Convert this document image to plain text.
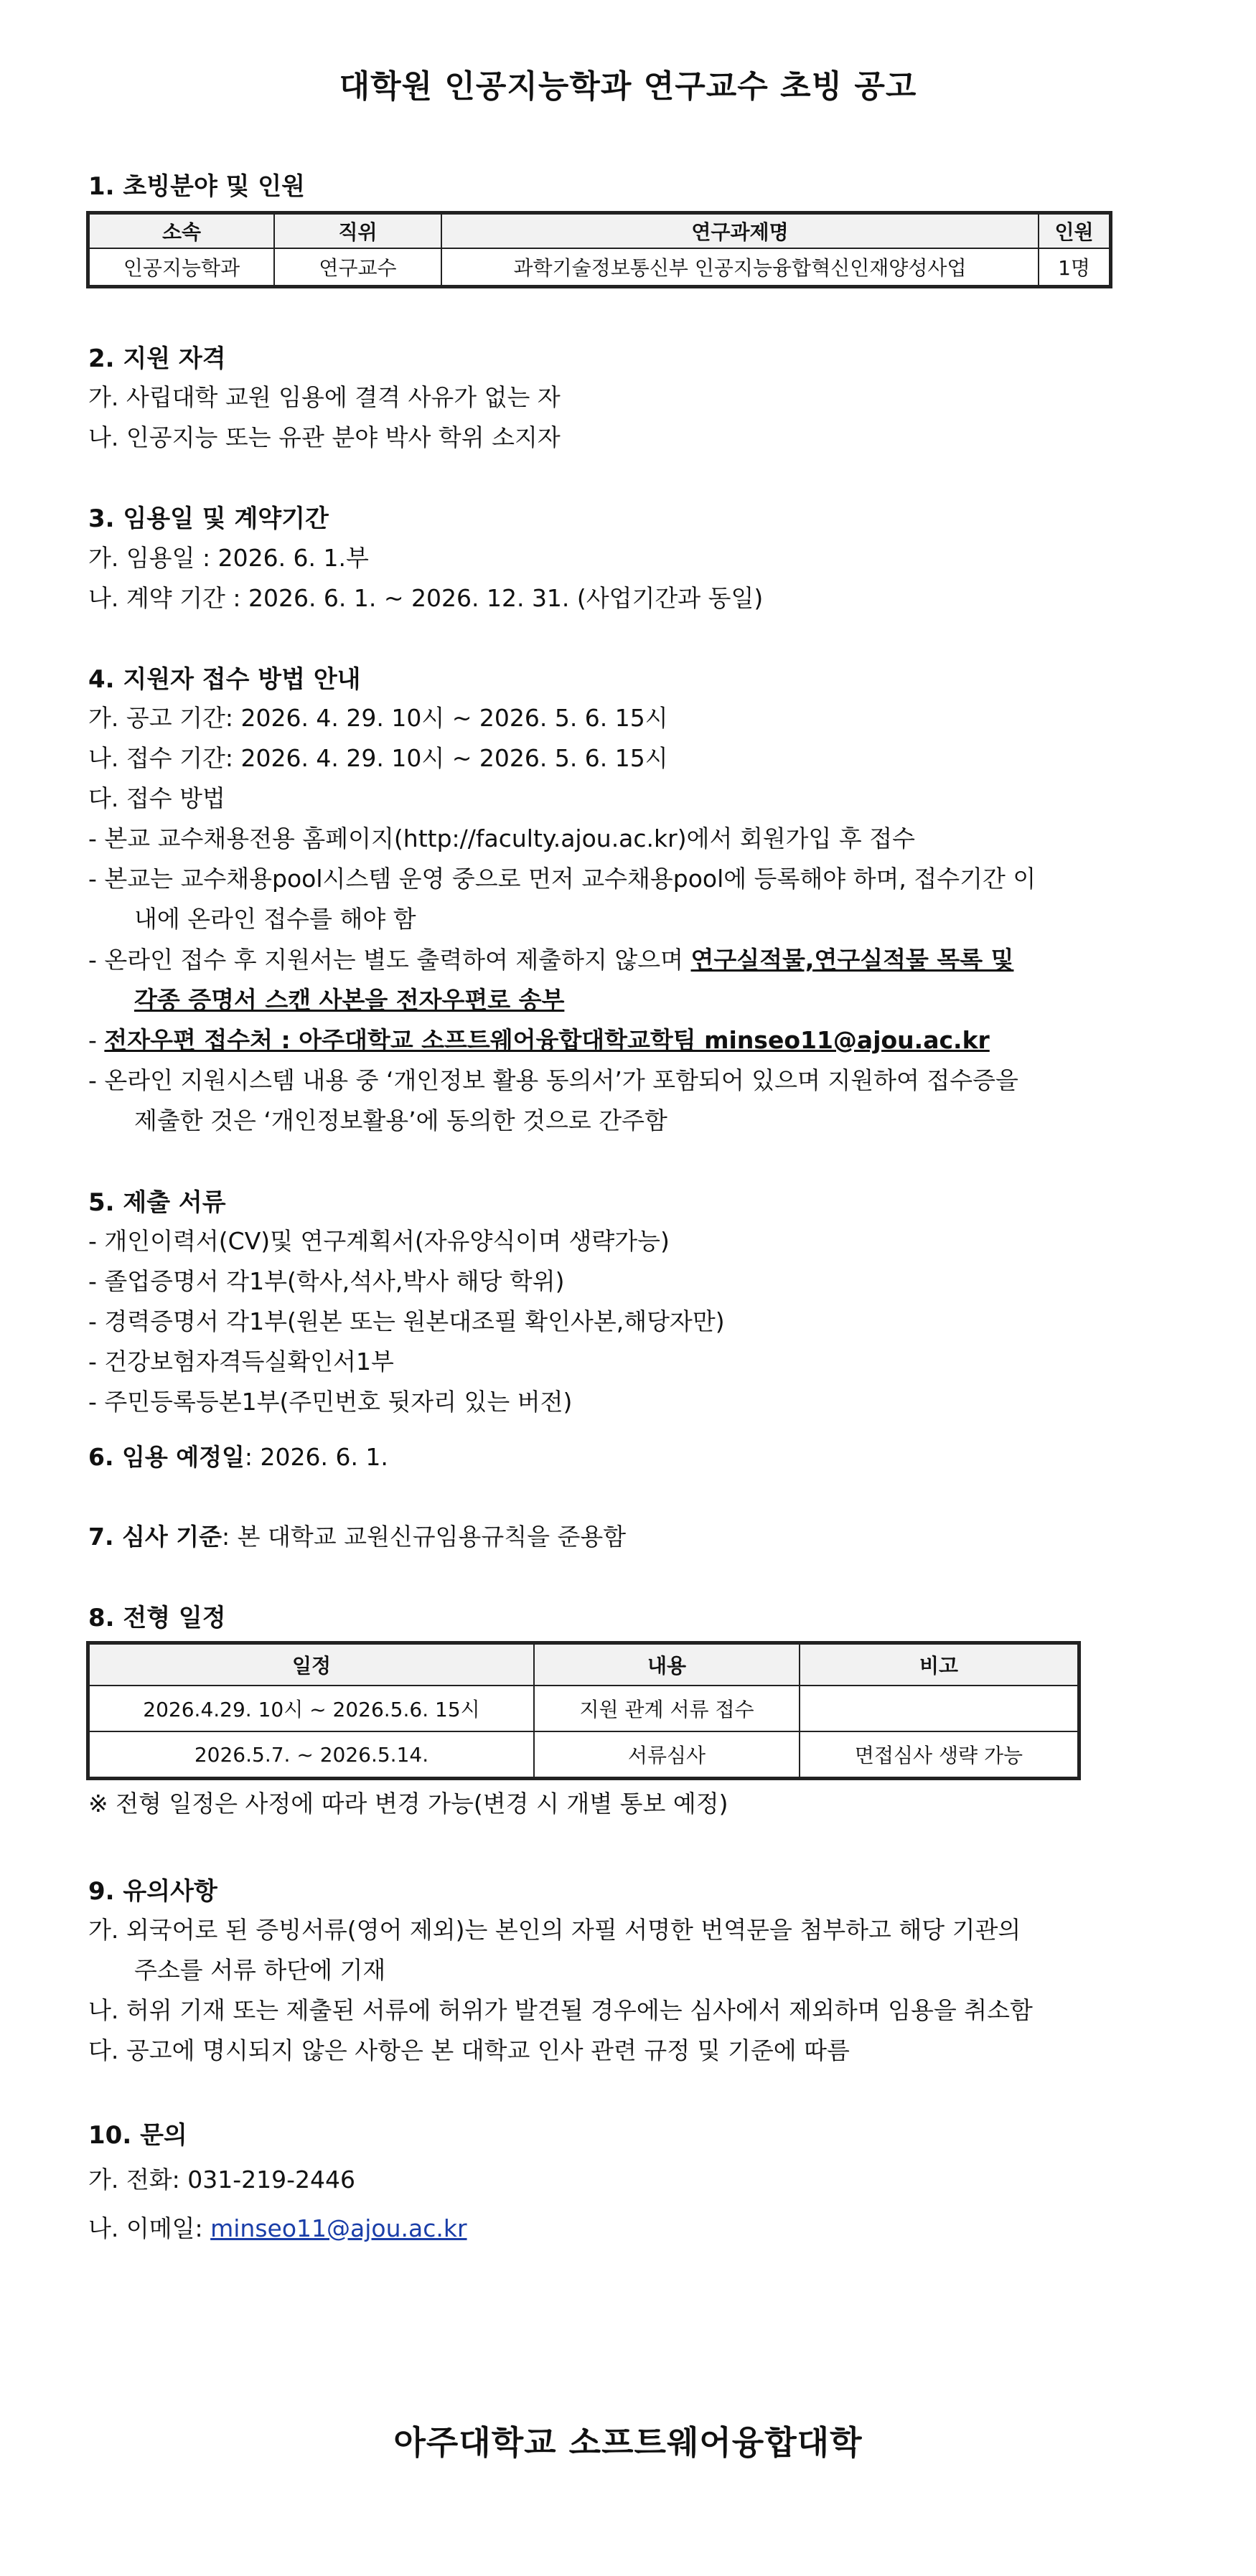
대학원 인공지능학과 연구교수 초빙 공고
1. 초빙분야 및 인원
소속	직위	연구과제명	인원
인공지능학과	연구교수	과학기술정보통신부 인공지능융합혁신인재양성사업	1명
2. 지원 자격
가. 사립대학 교원 임용에 결격 사유가 없는 자
나. 인공지능 또는 유관 분야 박사 학위 소지자
3. 임용일 및 계약기간
가. 임용일 : 2026. 6. 1.부
나. 계약 기간 : 2026. 6. 1. ~ 2026. 12. 31. (사업기간과 동일)
4. 지원자 접수 방법 안내
가. 공고 기간: 2026. 4. 29. 10시 ~ 2026. 5. 6. 15시
나. 접수 기간: 2026. 4. 29. 10시 ~ 2026. 5. 6. 15시
다. 접수 방법
- 본교 교수채용전용 홈페이지(http://faculty.ajou.ac.kr)에서 회원가입 후 접수
- 본교는 교수채용pool시스템 운영 중으로 먼저 교수채용pool에 등록해야 하며, 접수기간 이
내에 온라인 접수를 해야 함
- 온라인 접수 후 지원서는 별도 출력하여 제출하지 않으며 연구실적물,연구실적물 목록 및
각종 증명서 스캔 사본을 전자우편로 송부
- 전자우편 접수처 : 아주대학교 소프트웨어융합대학교학팀 minseo11@ajou.ac.kr
- 온라인 지원시스템 내용 중 ‘개인정보 활용 동의서’가 포함되어 있으며 지원하여 접수증을
제출한 것은 ‘개인정보활용’에 동의한 것으로 간주함
5. 제출 서류
- 개인이력서(CV)및 연구계획서(자유양식이며 생략가능)
- 졸업증명서 각1부(학사,석사,박사 해당 학위)
- 경력증명서 각1부(원본 또는 원본대조필 확인사본,해당자만)
- 건강보험자격득실확인서1부
- 주민등록등본1부(주민번호 뒷자리 있는 버전)
6. 임용 예정일: 2026. 6. 1.
7. 심사 기준: 본 대학교 교원신규임용규칙을 준용함
8. 전형 일정
일정	내용	비고
2026.4.29. 10시 ~ 2026.5.6. 15시	지원 관계 서류 접수	
2026.5.7. ~ 2026.5.14.	서류심사	면접심사 생략 가능
※ 전형 일정은 사정에 따라 변경 가능(변경 시 개별 통보 예정)
9. 유의사항
가. 외국어로 된 증빙서류(영어 제외)는 본인의 자필 서명한 번역문을 첨부하고 해당 기관의
주소를 서류 하단에 기재
나. 허위 기재 또는 제출된 서류에 허위가 발견될 경우에는 심사에서 제외하며 임용을 취소함
다. 공고에 명시되지 않은 사항은 본 대학교 인사 관련 규정 및 기준에 따름
10. 문의
가. 전화: 031-219-2446
나. 이메일: minseo11@ajou.ac.kr
아주대학교 소프트웨어융합대학
